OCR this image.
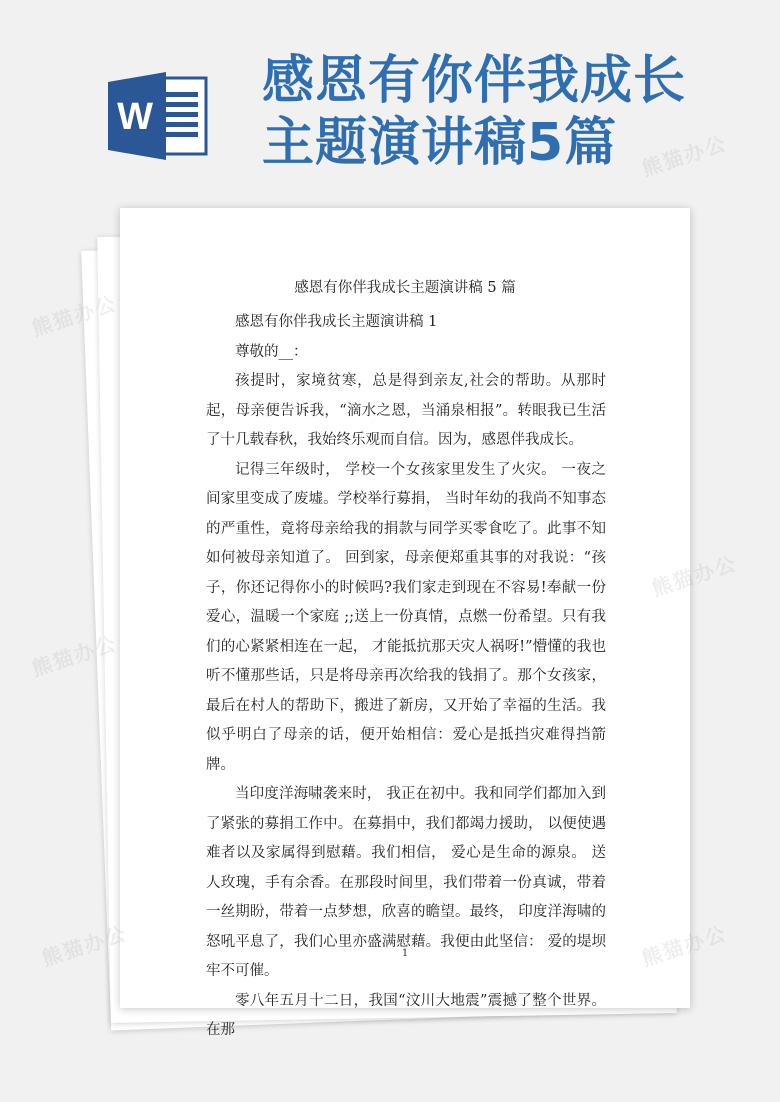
W
感恩有你伴我成长
主题演讲稿5篇
感恩有你伴我成长主题演讲稿 5 篇

感恩有你伴我成长主题演讲稿 1

尊敬的__：

孩提时，家境贫寒，总是得到亲友,社会的帮助。从那时起，母亲便告诉我，“滴水之恩，当涌泉相报”。转眼我已生活了十几载春秋，我始终乐观而自信。因为，感恩伴我成长。

记得三年级时， 学校一个女孩家里发生了火灾。 一夜之间家里变成了废墟。学校举行募捐， 当时年幼的我尚不知事态的严重性，竟将母亲给我的捐款与同学买零食吃了。此事不知如何被母亲知道了。 回到家，母亲便郑重其事的对我说：“孩子，你还记得你小的时候吗?我们家走到现在不容易!奉献一份爱心，温暖一个家庭 ;;送上一份真情，点燃一份希望。只有我们的心紧紧相连在一起， 才能抵抗那天灾人祸呀!”懵懂的我也听不懂那些话，只是将母亲再次给我的钱捐了。那个女孩家， 最后在村人的帮助下，搬进了新房，又开始了幸福的生活。我似乎明白了母亲的话，便开始相信：爱心是抵挡灾难得挡箭牌。

当印度洋海啸袭来时， 我正在初中。我和同学们都加入到了紧张的募捐工作中。在募捐中，我们都竭力援助， 以便使遇难者以及家属得到慰藉。我们相信， 爱心是生命的源泉。 送人玫瑰，手有余香。在那段时间里，我们带着一份真诚，带着一丝期盼，带着一点梦想，欣喜的瞻望。最终， 印度洋海啸的怒吼平息了，我们心里亦盛满慰藉。我便由此坚信： 爱的堤坝牢不可催。

零八年五月十二日，我国“汶川大地震”震撼了整个世界。在那

1
熊猫办公
熊猫办公
熊猫办公
熊猫办公
熊猫办公
